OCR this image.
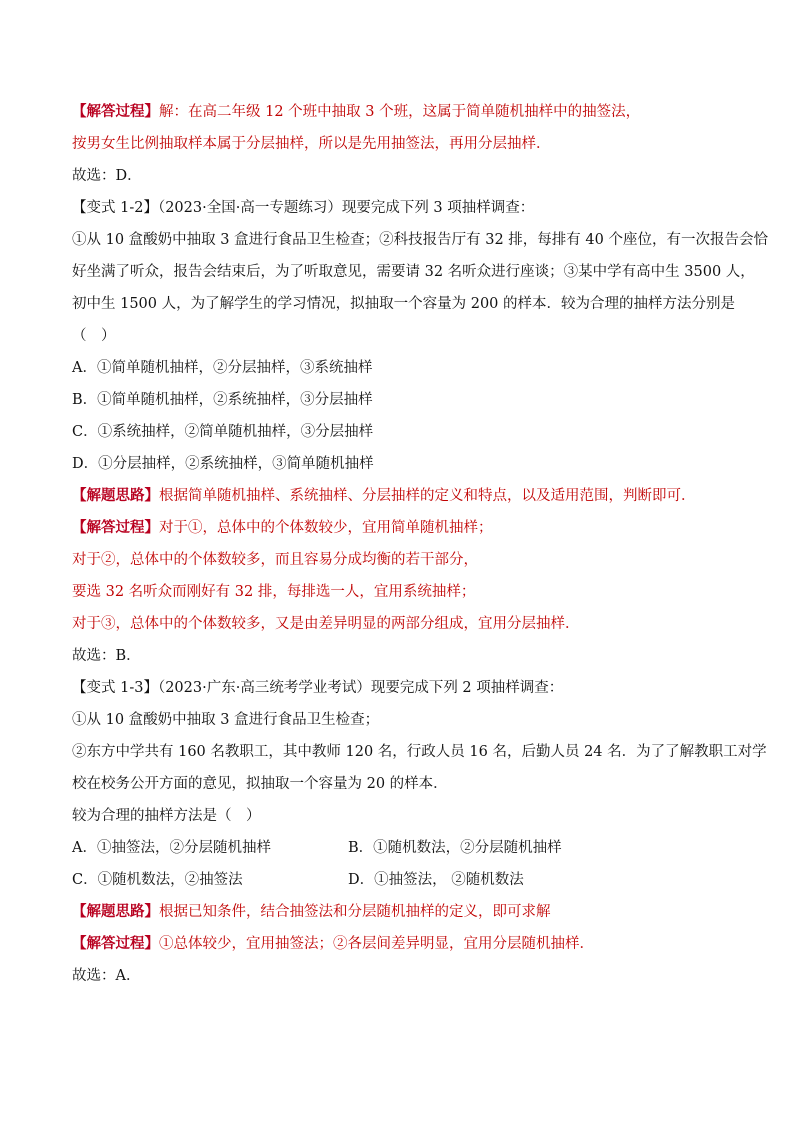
【解答过程】解：在高二年级 12 个班中抽取 3 个班，这属于简单随机抽样中的抽签法，
按男女生比例抽取样本属于分层抽样，所以是先用抽签法，再用分层抽样．
故选：D．
【变式 1-2】（2023·全国·高一专题练习）现要完成下列 3 项抽样调查：
①从 10 盒酸奶中抽取 3 盒进行食品卫生检查；②科技报告厅有 32 排，每排有 40 个座位，有一次报告会恰
好坐满了听众，报告会结束后，为了听取意见，需要请 32 名听众进行座谈；③某中学有高中生 3500 人，
初中生 1500 人，为了解学生的学习情况，拟抽取一个容量为 200 的样本．较为合理的抽样方法分别是
（　）
A．①简单随机抽样，②分层抽样，③系统抽样
B．①简单随机抽样，②系统抽样，③分层抽样
C．①系统抽样，②简单随机抽样，③分层抽样
D．①分层抽样，②系统抽样，③简单随机抽样
【解题思路】根据简单随机抽样、系统抽样、分层抽样的定义和特点，以及适用范围，判断即可．
【解答过程】对于①，总体中的个体数较少，宜用简单随机抽样；
对于②，总体中的个体数较多，而且容易分成均衡的若干部分，
要选 32 名听众而刚好有 32 排，每排选一人，宜用系统抽样；
对于③，总体中的个体数较多，又是由差异明显的两部分组成，宜用分层抽样．
故选：B．
【变式 1-3】（2023·广东·高三统考学业考试）现要完成下列 2 项抽样调查：
①从 10 盒酸奶中抽取 3 盒进行食品卫生检查；
②东方中学共有 160 名教职工，其中教师 120 名，行政人员 16 名，后勤人员 24 名．为了了解教职工对学
校在校务公开方面的意见，拟抽取一个容量为 20 的样本．
较为合理的抽样方法是（　）
A．①抽签法，②分层随机抽样	B．①随机数法，②分层随机抽样
C．①随机数法，②抽签法	D．①抽签法， ②随机数法
【解题思路】根据已知条件，结合抽签法和分层随机抽样的定义，即可求解
【解答过程】①总体较少，宜用抽签法；②各层间差异明显，宜用分层随机抽样．
故选：A．
